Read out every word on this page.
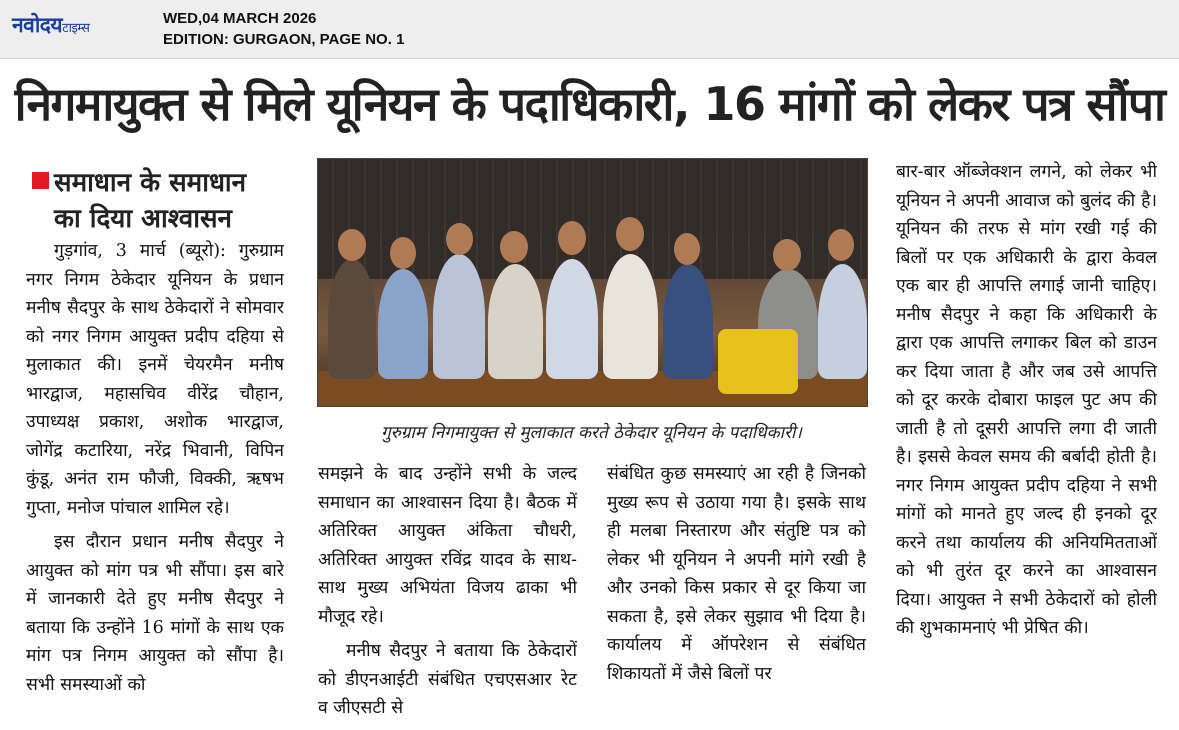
नवोदयटाइम्स
WED,04 MARCH 2026
EDITION: GURGAON, PAGE NO. 1
निगमायुक्त से मिले यूनियन के पदाधिकारी, 16 मांगों को लेकर पत्र सौंपा
समाधान के समाधान
का दिया आश्वासन

गुड़गांव, 3 मार्च (ब्यूरो): गुरुग्राम नगर निगम ठेकेदार यूनियन के प्रधान मनीष सैदपुर के साथ ठेकेदारों ने सोमवार को नगर निगम आयुक्त प्रदीप दहिया से मुलाकात की। इनमें चेयरमैन मनीष भारद्वाज, महासचिव वीरेंद्र चौहान, उपाध्यक्ष प्रकाश, अशोक भारद्वाज, जोगेंद्र कटारिया, नरेंद्र भिवानी, विपिन कुंडू, अनंत राम फौजी, विक्की, ऋषभ गुप्ता, मनोज पांचाल शामिल रहे।

इस दौरान प्रधान मनीष सैदपुर ने आयुक्त को मांग पत्र भी सौंपा। इस बारे में जानकारी देते हुए मनीष सैदपुर ने बताया कि उन्होंने 16 मांगों के साथ एक मांग पत्र निगम आयुक्त को सौंपा है। सभी समस्याओं को

गुरुग्राम निगमायुक्त से मुलाकात करते ठेकेदार यूनियन के पदाधिकारी।

समझने के बाद उन्होंने सभी के जल्द समाधान का आश्वासन दिया है। बैठक में अतिरिक्त आयुक्त अंकिता चौधरी, अतिरिक्त आयुक्त रविंद्र यादव के साथ-साथ मुख्य अभियंता विजय ढाका भी मौजूद रहे।

मनीष सैदपुर ने बताया कि ठेकेदारों को डीएनआईटी संबंधित एचएसआर रेट व जीएसटी से

संबंधित कुछ समस्याएं आ रही है जिनको मुख्य रूप से उठाया गया है। इसके साथ ही मलबा निस्तारण और संतुष्टि पत्र को लेकर भी यूनियन ने अपनी मांगे रखी है और उनको किस प्रकार से दूर किया जा सकता है, इसे लेकर सुझाव भी दिया है। कार्यालय में ऑपरेशन से संबंधित शिकायतों में जैसे बिलों पर

बार-बार ऑब्जेक्शन लगने, को लेकर भी यूनियन ने अपनी आवाज को बुलंद की है। यूनियन की तरफ से मांग रखी गई की बिलों पर एक अधिकारी के द्वारा केवल एक बार ही आपत्ति लगाई जानी चाहिए। मनीष सैदपुर ने कहा कि अधिकारी के द्वारा एक आपत्ति लगाकर बिल को डाउन कर दिया जाता है और जब उसे आपत्ति को दूर करके दोबारा फाइल पुट अप की जाती है तो दूसरी आपत्ति लगा दी जाती है। इससे केवल समय की बर्बादी होती है। नगर निगम आयुक्त प्रदीप दहिया ने सभी मांगों को मानते हुए जल्द ही इनको दूर करने तथा कार्यालय की अनियमितताओं को भी तुरंत दूर करने का आश्वासन दिया। आयुक्त ने सभी ठेकेदारों को होली की शुभकामनाएं भी प्रेषित की।
